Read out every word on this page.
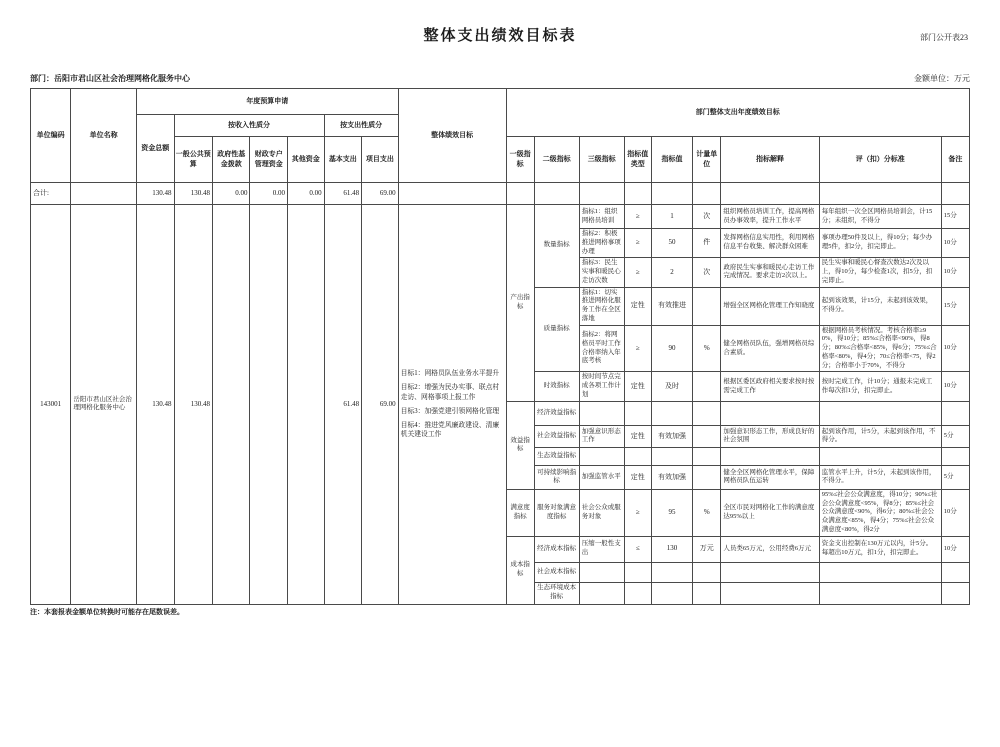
部门公开表23
整体支出绩效目标表
部门：岳阳市君山区社会治理网格化服务中心	金额单位：万元
单位编码	单位名称	年度预算申请							整体绩效目标	部门整体支出年度绩效目标								
		资金总额	按收入性质分				按支出性质分											
			一般公共预算	政府性基金拨款	财政专户管理资金	其他资金	基本支出	项目支出		一级指标	二级指标	三级指标	指标值类型	指标值	计量单位	指标解释	评（扣）分标准	备注
合计:		130.48	130.48	0.00	0.00	0.00	61.48	69.00										
143001	岳阳市君山区社会治理网格化服务中心	130.48	130.48				61.48	69.00	目标1：网格员队伍业务水平提升
目标2：增强为民办实事、联点村走访、网格事项上报工作
目标3：加强党建引领网格化管理
目标4：推进党风廉政建设、清廉机关建设工作	产出指标	数量指标	指标1：组织网格员培训	≥	1	次	组织网格员培训工作，提高网格员办事效率，提升工作水平	每年组织一次全区网格员培训会，计15分；未组织，不得分	15分
												指标2：积极推进网格事项办理	≥	50	件	发挥网格信息实用性，利用网格信息平台收集、解决群众困难	事项办理50件及以上，得10分；每少办理5件，扣2分，扣完即止。	10分
												指标3：民生实事和暖民心走访次数	≥	2	次	政府民生实事和暖民心走访工作完成情况。要求走访2次以上。	民生实事和暖民心督查次数达2次及以上，得10分，每少检查1次，扣5分，扣完即止。	10分
											质量指标	指标1：切实推进网格化服务工作在全区落地	定性	有效推进		增强全区网格化管理工作知晓度	起到该效果，计15分，未起到该效果，不得分。	15分
												指标2：将网格员平时工作合格率纳入年底考核	≥	90	%	健全网格员队伍，强增网格员综合素质。	根据网格员考核情况。考核合格率≥90%，得10分；85%≤合格率<90%，得8分；80%≤合格率<85%，得6分；75%≤合格率<80%，得4分；70≤合格率<75，得2分；合格率小于70%，不得分	10分
											时效指标	按时间节点完成各项工作计划	定性	及时		根据区委区政府相关要求按时按需完成工作	按时完成工作，计10分；通报未完成工作每次扣1分，扣完即止。	10分
										效益指标	经济效益指标							
											社会效益指标	加强意识形态工作	定性	有效加强		加强意识形态工作，形成良好的社会氛围	起到该作用，计5分，未起到该作用，不得分。	5分
											生态效益指标							
											可持续影响指标	加强监管水平	定性	有效加强		健全全区网格化管理水平，保障网格员队伍运转	监管水平上升，计5分，未起到该作用，不得分。	5分
										满意度指标	服务对象满意度指标	社会公众或服务对象	≥	95	%	全区市民对网格化工作的满意度达95%以上	95%≤社会公众满意度，得10分；90%≤社会公众满意度<95%，得8分；85%≤社会公众满意度<90%，得6分；80%≤社会公众满意度<85%，得4分；75%≤社会公众满意度<80%，得2分	10分
										成本指标	经济成本指标	压缩一般性支出	≤	130	万元	人员类65万元，公用经费6万元	资金支出控制在130万元以内，计5分。每超出10万元，扣1分，扣完即止。	10分
											社会成本指标							
											生态环境成本指标							
注：本套报表金额单位转换时可能存在尾数误差。
